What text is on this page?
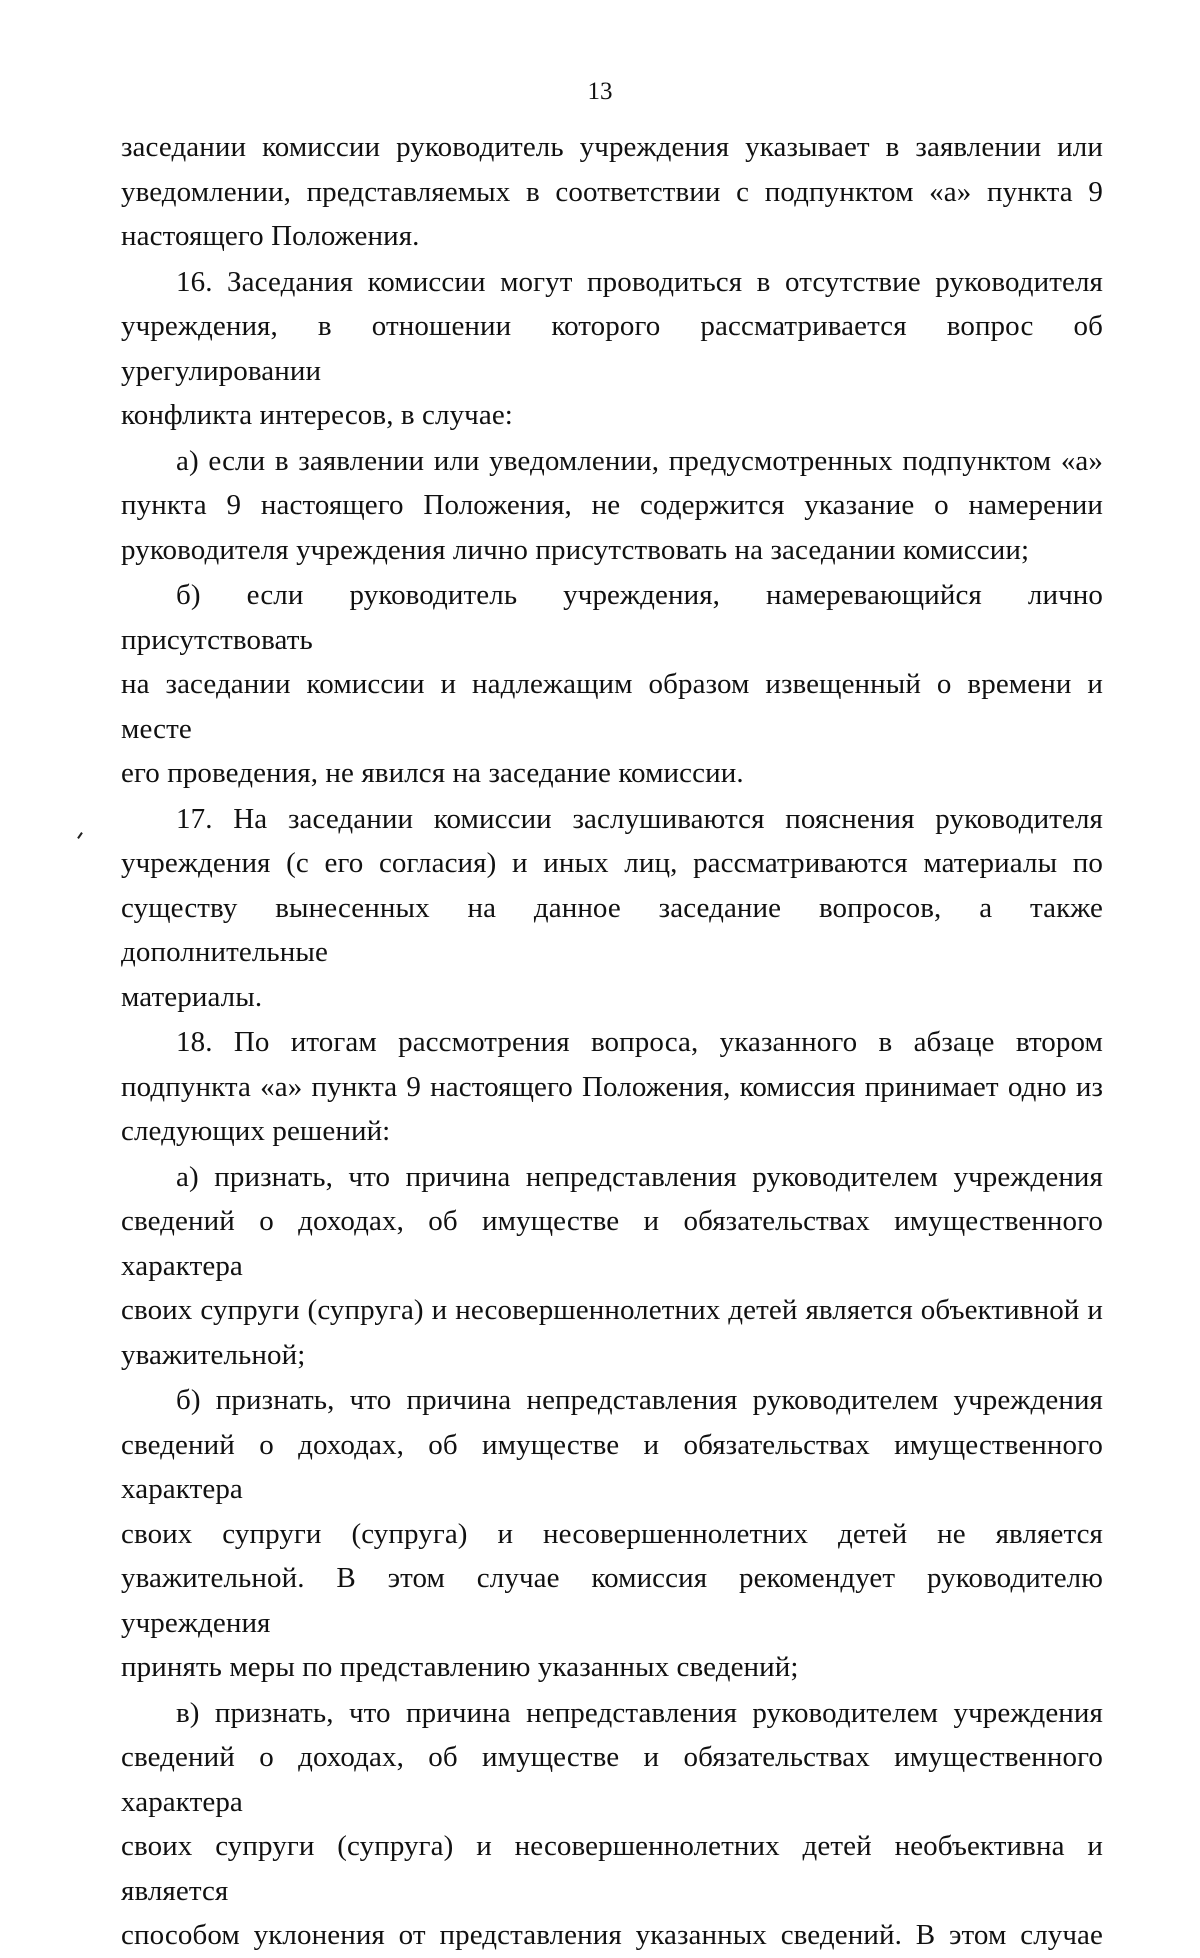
13

заседании комиссии руководитель учреждения указывает в заявлении или

уведомлении, представляемых в соответствии с подпунктом «а» пункта 9

настоящего Положения.

16. Заседания комиссии могут проводиться в отсутствие руководителя

учреждения, в отношении которого рассматривается вопрос об урегулировании

конфликта интересов, в случае:

а) если в заявлении или уведомлении, предусмотренных подпунктом «а»

пункта 9 настоящего Положения, не содержится указание о намерении

руководителя учреждения лично присутствовать на заседании комиссии;

б) если руководитель учреждения, намеревающийся лично присутствовать

на заседании комиссии и надлежащим образом извещенный о времени и месте

его проведения, не явился на заседание комиссии.

17. На заседании комиссии заслушиваются пояснения руководителя

учреждения (с его согласия) и иных лиц, рассматриваются материалы по

существу вынесенных на данное заседание вопросов, а также дополнительные

материалы.

18. По итогам рассмотрения вопроса, указанного в абзаце втором

подпункта «а» пункта 9 настоящего Положения, комиссия принимает одно из

следующих решений:

а) признать, что причина непредставления руководителем учреждения

сведений о доходах, об имуществе и обязательствах имущественного характера

своих супруги (супруга) и несовершеннолетних детей является объективной и

уважительной;

б) признать, что причина непредставления руководителем учреждения

сведений о доходах, об имуществе и обязательствах имущественного характера

своих супруги (супруга) и несовершеннолетних детей не является

уважительной. В этом случае комиссия рекомендует руководителю учреждения

принять меры по представлению указанных сведений;

в) признать, что причина непредставления руководителем учреждения

сведений о доходах, об имуществе и обязательствах имущественного характера

своих супруги (супруга) и несовершеннолетних детей необъективна и является

способом уклонения от представления указанных сведений. В этом случае
